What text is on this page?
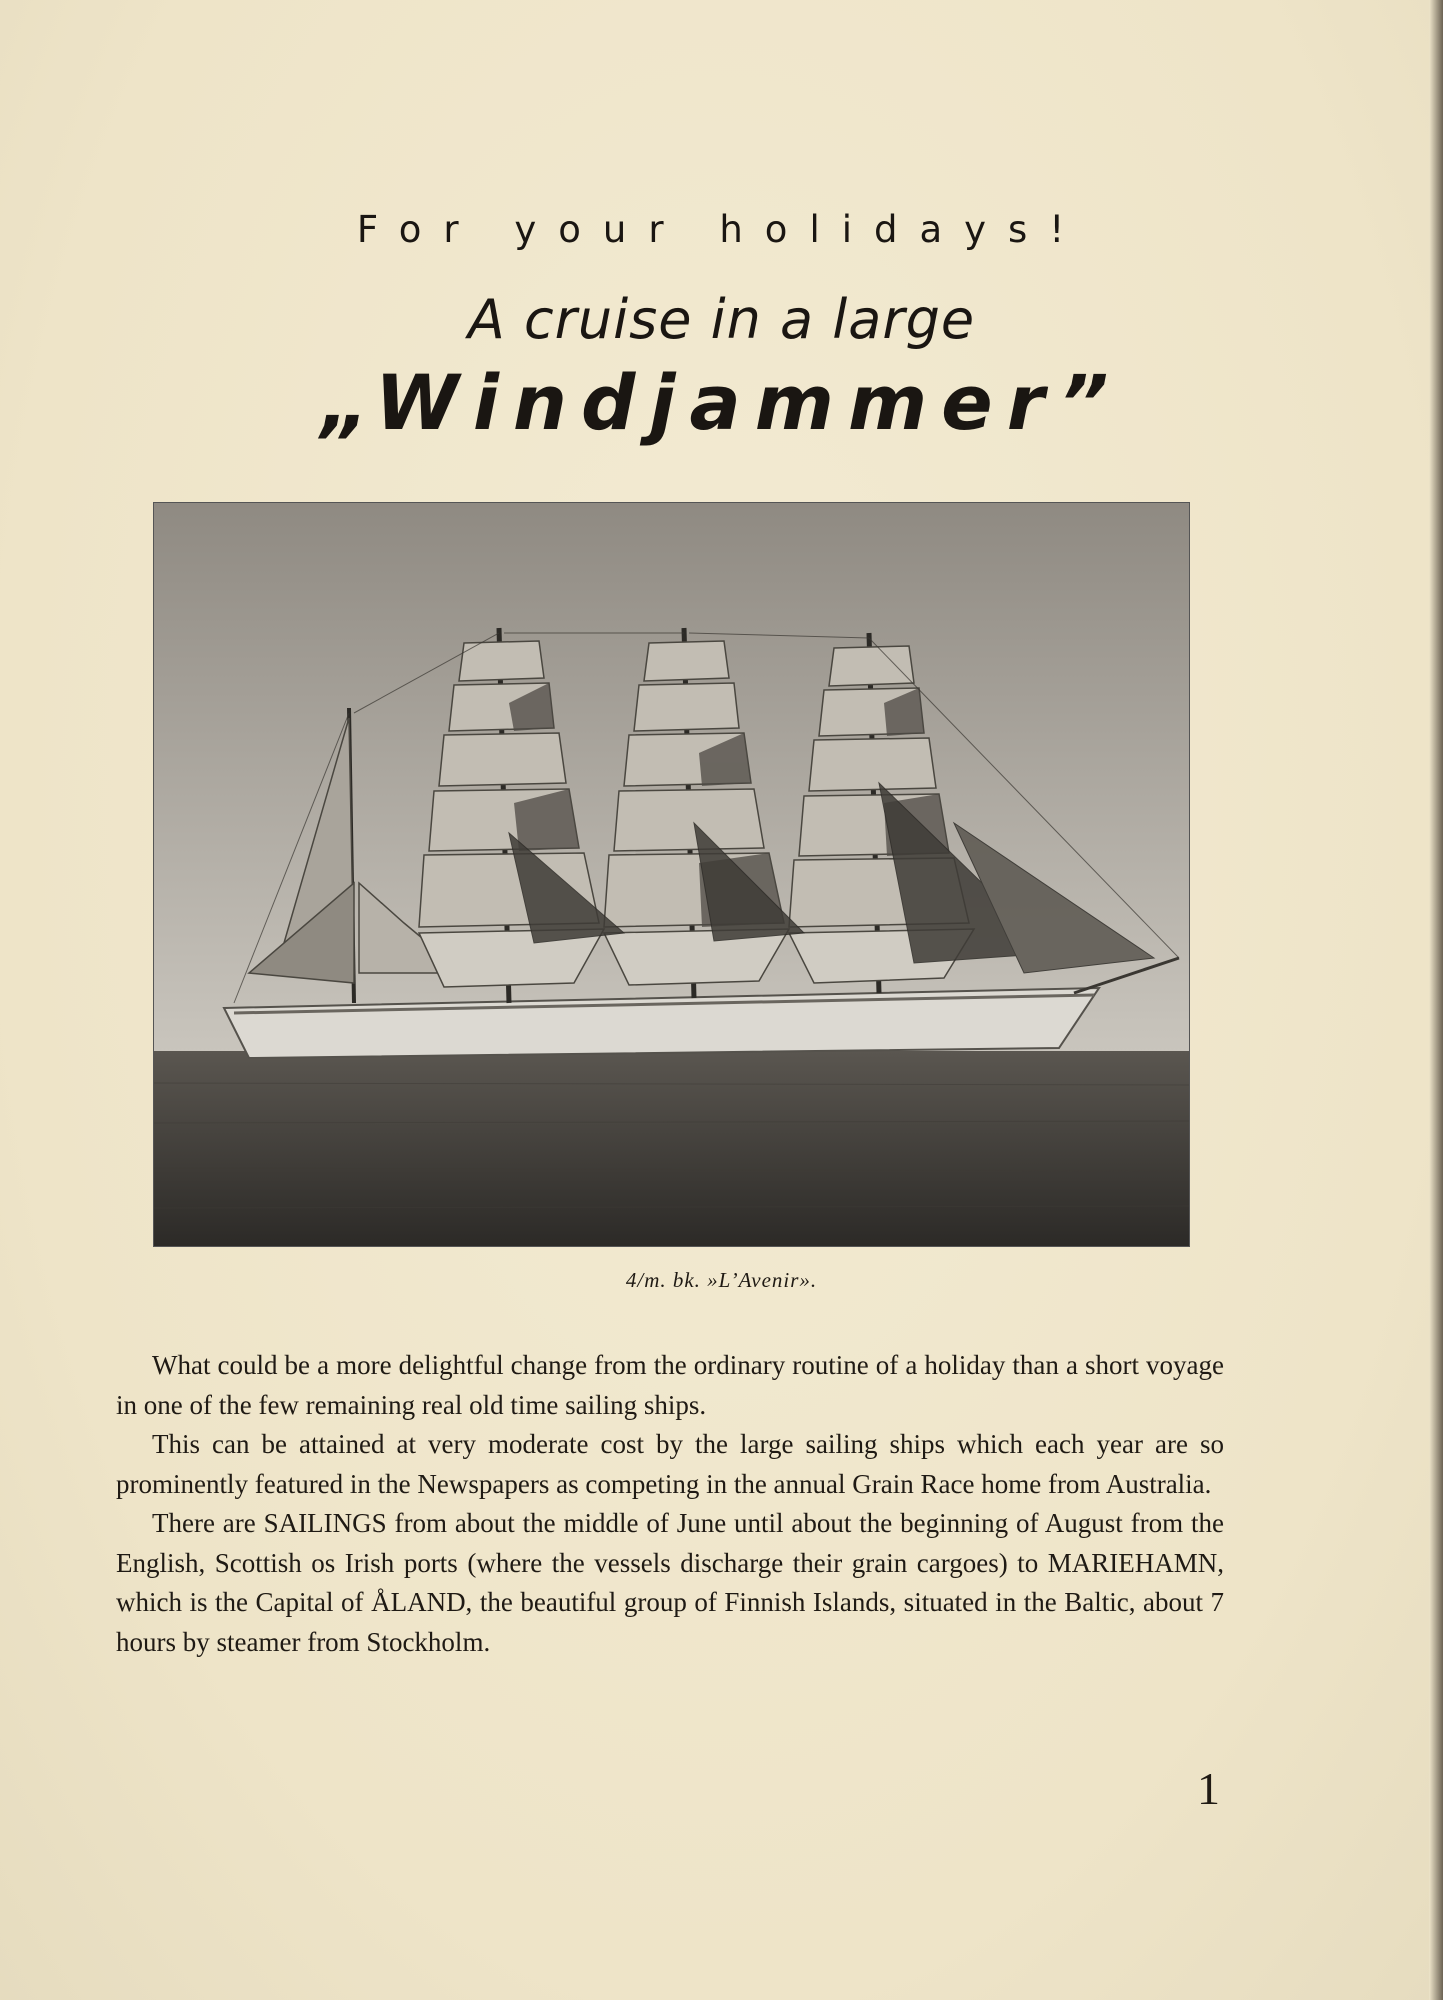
For your holidays!
A cruise in a large
„Windjammer”
4/m. bk. »L’Avenir».

What could be a more delightful change from the ordinary routine of a holiday than a short voyage in one of the few remaining real old time sailing ships.

This can be attained at very moderate cost by the large sailing ships which each year are so prominently featured in the Newspapers as competing in the annual Grain Race home from Australia.

There are SAILINGS from about the middle of June until about the beginning of August from the English, Scottish os Irish ports (where the vessels discharge their grain cargoes) to MARIEHAMN, which is the Capital of ÅLAND, the beautiful group of Finnish Islands, situated in the Baltic, about 7 hours by steamer from Stockholm.

1
